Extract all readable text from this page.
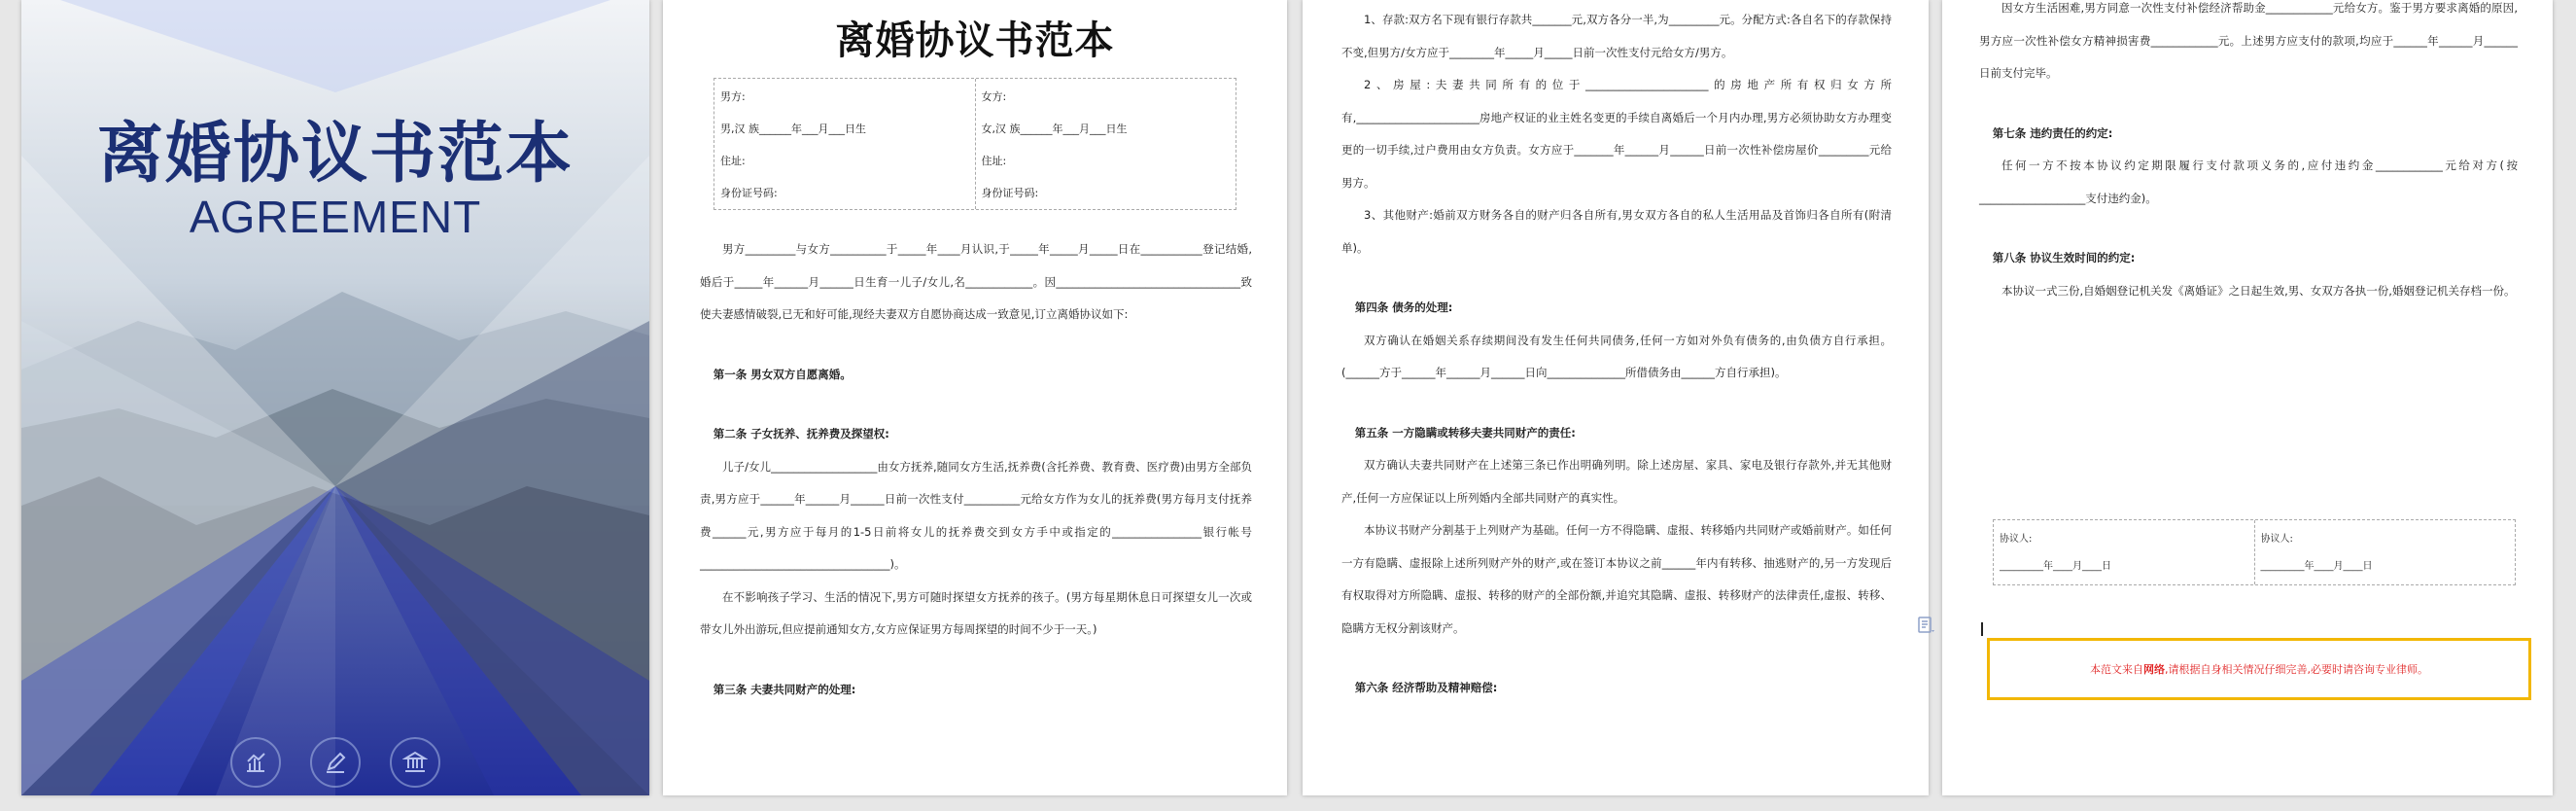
离婚协议书范本
AGREEMENT
离婚协议书范本
男方:
男,汉 族______年___月___日生
住址:
身份证号码:
女方:
女,汉 族______年___月___日生
住址:
身份证号码:

男方_________与女方__________于_____年____月认识,于_____年_____月_____日在___________登记结婚,婚后于_____年______月______日生育一儿子/女儿,名____________。因_________________________________致使夫妻感情破裂,已无和好可能,现经夫妻双方自愿协商达成一致意见,订立离婚协议如下:

第一条 男女双方自愿离婚。

第二条 子女抚养、抚养费及探望权:

儿子/女儿___________________由女方抚养,随同女方生活,抚养费(含托养费、教育费、医疗费)由男方全部负责,男方应于______年______月______日前一次性支付__________元给女方作为女儿的抚养费(男方每月支付抚养费______元,男方应于每月的1-5日前将女儿的抚养费交到女方手中或指定的________________银行帐号__________________________________)。

在不影响孩子学习、生活的情况下,男方可随时探望女方抚养的孩子。(男方每星期休息日可探望女儿一次或带女儿外出游玩,但应提前通知女方,女方应保证男方每周探望的时间不少于一天。)

第三条 夫妻共同财产的处理:

1、存款:双方名下现有银行存款共_______元,双方各分一半,为_________元。分配方式:各自名下的存款保持不变,但男方/女方应于________年_____月_____日前一次性支付元给女方/男方。

2、房屋:夫妻共同所有的位于______________________的房地产所有权归女方所有,______________________房地产权证的业主姓名变更的手续自离婚后一个月内办理,男方必须协助女方办理变更的一切手续,过户费用由女方负责。女方应于_______年______月______日前一次性补偿房屋价_________元给男方。

3、其他财产:婚前双方财务各自的财产归各自所有,男女双方各自的私人生活用品及首饰归各自所有(附清单)。

第四条 债务的处理:

双方确认在婚姻关系存续期间没有发生任何共同债务,任何一方如对外负有债务的,由负债方自行承担。(______方于______年______月______日向______________所借债务由______方自行承担)。

第五条 一方隐瞒或转移夫妻共同财产的责任:

双方确认夫妻共同财产在上述第三条已作出明确列明。除上述房屋、家具、家电及银行存款外,并无其他财产,任何一方应保证以上所列婚内全部共同财产的真实性。

本协议书财产分割基于上列财产为基础。任何一方不得隐瞒、虚报、转移婚内共同财产或婚前财产。如任何一方有隐瞒、虚报除上述所列财产外的财产,或在签订本协议之前______年内有转移、抽逃财产的,另一方发现后有权取得对方所隐瞒、虚报、转移的财产的全部份额,并追究其隐瞒、虚报、转移财产的法律责任,虚报、转移、隐瞒方无权分割该财产。

第六条 经济帮助及精神赔偿:

因女方生活困难,男方同意一次性支付补偿经济帮助金____________元给女方。鉴于男方要求离婚的原因,男方应一次性补偿女方精神损害费____________元。上述男方应支付的款项,均应于______年______月______日前支付完毕。

第七条 违约责任的约定:

任何一方不按本协议约定期限履行支付款项义务的,应付违约金____________元给对方(按___________________支付违约金)。

第八条 协议生效时间的约定:

本协议一式三份,自婚姻登记机关发《离婚证》之日起生效,男、女双方各执一份,婚姻登记机关存档一份。

协议人:
_________年____月____日
协议人:
_________年____月____日
本范文来自 网络 ,请根据自身相关情况仔细完善,必要时请咨询专业律师。
